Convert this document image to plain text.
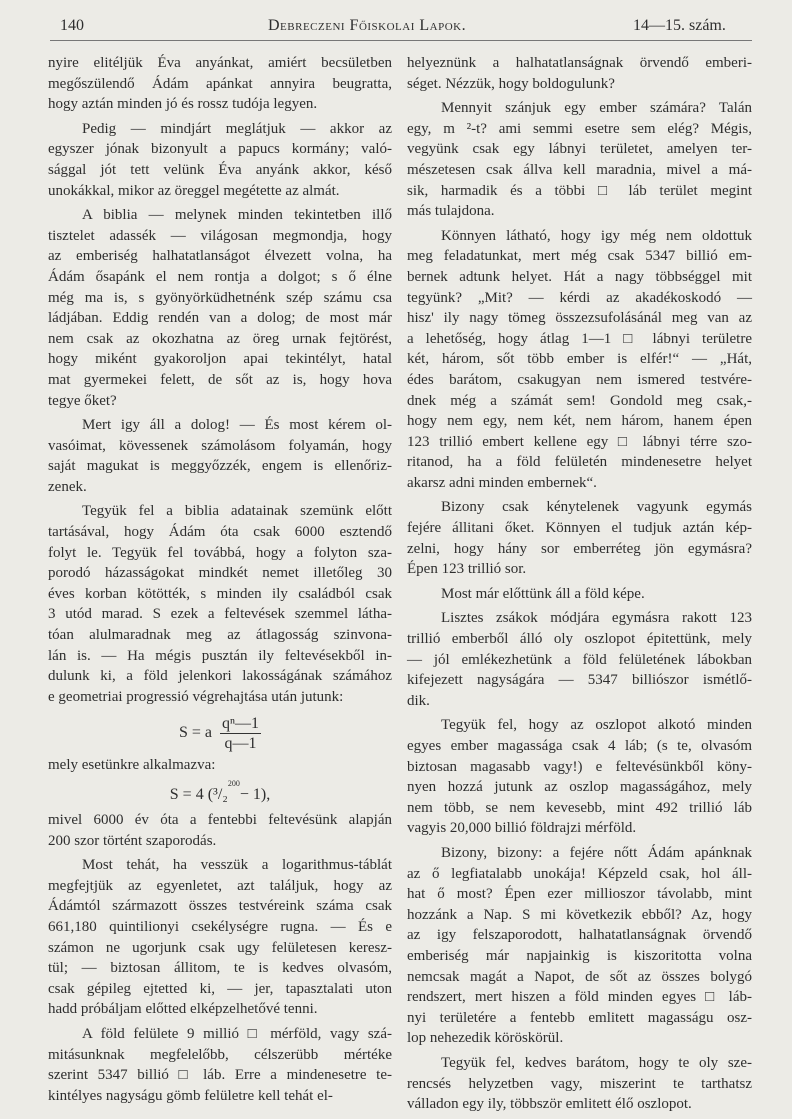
140	Debreczeni Főiskolai Lapok.	14—15. szám.
nyire elitéljük Éva anyánkat, amiért becsületben
megőszülendő Ádám apánkat annyira beugratta,
hogy aztán minden jó és rossz tudója legyen.
Pedig — mindjárt meglátjuk — akkor az
egyszer jónak bizonyult a papucs kormány; való-
sággal jót tett velünk Éva anyánk akkor, késő
unokákkal, mikor az öreggel megétette az almát.
A biblia — melynek minden tekintetben illő
tisztelet adassék — világosan megmondja, hogy
az emberiség halhatatlanságot élvezett volna, ha
Ádám ősapánk el nem rontja a dolgot; s ő élne
még ma is, s gyönyörküdhetnénk szép számu csa
ládjában. Eddig rendén van a dolog; de most már
nem csak az okozhatna az öreg urnak fejtörést,
hogy miként gyakoroljon apai tekintélyt, hatal
mat gyermekei felett, de sőt az is, hogy hova
tegye őket?
Mert igy áll a dolog! — És most kérem ol-
vasóimat, kövessenek számolásom folyamán, hogy
saját magukat is meggyőzzék, engem is ellenőriz-
zenek.
Tegyük fel a biblia adatainak szemünk előtt
tartásával, hogy Ádám óta csak 6000 esztendő
folyt le. Tegyük fel továbbá, hogy a folyton sza-
porodó házasságokat mindkét nemet illetőleg 30
éves korban kötötték, s minden ily családból csak
3 utód marad. S ezek a feltevések szemmel látha-
tóan alulmaradnak meg az átlagosság szinvona-
lán is. — Ha mégis pusztán ily feltevésekből in-
dulunk ki, a föld jelenkori lakosságának számához
e geometriai progressió végrehajtása után jutunk:
S = a $\frac{\text{qⁿ—1}}{q—1}$
mely esetünkre alkalmazva:
S = 4 (³/₂
200
− 1),
mivel 6000 év óta a fentebbi feltevésünk alapján
200 szor történt szaporodás.
Most tehát, ha vesszük a logarithmus-táblát
megfejtjük az egyenletet, azt találjuk, hogy az
Ádámtól származott összes testvéreink száma csak
661,180 quintilionyi csekélységre rugna. — És e
számon ne ugorjunk csak ugy felületesen keresz-
tül; — biztosan állitom, te is kedves olvasóm,
csak gépileg ejtetted ki, — jer, tapasztalati uton
hadd próbáljam előtted elképzelhetővé tenni.
A föld felülete 9 millió □ mérföld, vagy szá-
mitásunknak megfelelőbb, célszerübb mértéke
szerint 5347 billió □ láb. Erre a mindenesetre te-
kintélyes nagyságu gömb felületre kell tehát el-
helyeznünk a halhatatlanságnak örvendő emberi-
séget. Nézzük, hogy boldogulunk?
Mennyit szánjuk egy ember számára? Talán
egy, m ²-t? ami semmi esetre sem elég? Mégis,
vegyünk csak egy lábnyi területet, amelyen ter-
mészetesen csak állva kell maradnia, mivel a má-
sik, harmadik és a többi □ láb terület megint
más tulajdona.
Könnyen látható, hogy igy még nem oldottuk
meg feladatunkat, mert még csak 5347 billió em-
bernek adtunk helyet. Hát a nagy többséggel mit
tegyünk? „Mit? — kérdi az akadékoskodó —
hisz' ily nagy tömeg összezsufolásánál meg van az
a lehetőség, hogy átlag 1—1 □ lábnyi területre
két, három, sőt több ember is elfér!“ — „Hát,
édes barátom, csakugyan nem ismered testvére-
dnek még a számát sem! Gondold meg csak,-
hogy nem egy, nem két, nem három, hanem épen
123 trillió embert kellene egy □ lábnyi térre szo-
ritanod, ha a föld felületén mindenesetre helyet
akarsz adni minden embernek“.
Bizony csak kénytelenek vagyunk egymás
fejére állitani őket. Könnyen el tudjuk aztán kép-
zelni, hogy hány sor emberréteg jön egymásra?
Épen 123 trillió sor.
Most már előttünk áll a föld képe.
Lisztes zsákok módjára egymásra rakott 123
trillió emberből álló oly oszlopot épitettünk, mely
— jól emlékezhetünk a föld felületének lábokban
kifejezett nagyságára — 5347 billiószor ismétlő-
dik.
Tegyük fel, hogy az oszlopot alkotó minden
egyes ember magassága csak 4 láb; (s te, olvasóm
biztosan magasabb vagy!) e feltevésünkből köny-
nyen hozzá jutunk az oszlop magasságához, mely
nem több, se nem kevesebb, mint 492 trillió láb
vagyis 20,000 billió földrajzi mérföld.
Bizony, bizony: a fejére nőtt Ádám apánknak
az ő legfiatalabb unokája! Képzeld csak, hol áll-
hat ő most? Épen ezer millioszor távolabb, mint
hozzánk a Nap. S mi következik ebből? Az, hogy
az igy felszaporodott, halhatatlanságnak örvendő
emberiség már napjainkig is kiszoritotta volna
nemcsak magát a Napot, de sőt az összes bolygó
rendszert, mert hiszen a föld minden egyes □ láb-
nyi területére a fentebb emlitett magasságu osz-
lop nehezedik köröskörül.
Tegyük fel, kedves barátom, hogy te oly sze-
rencsés helyzetben vagy, miszerint te tarthatsz
válladon egy ily, többször emlitett élő oszlopot.
